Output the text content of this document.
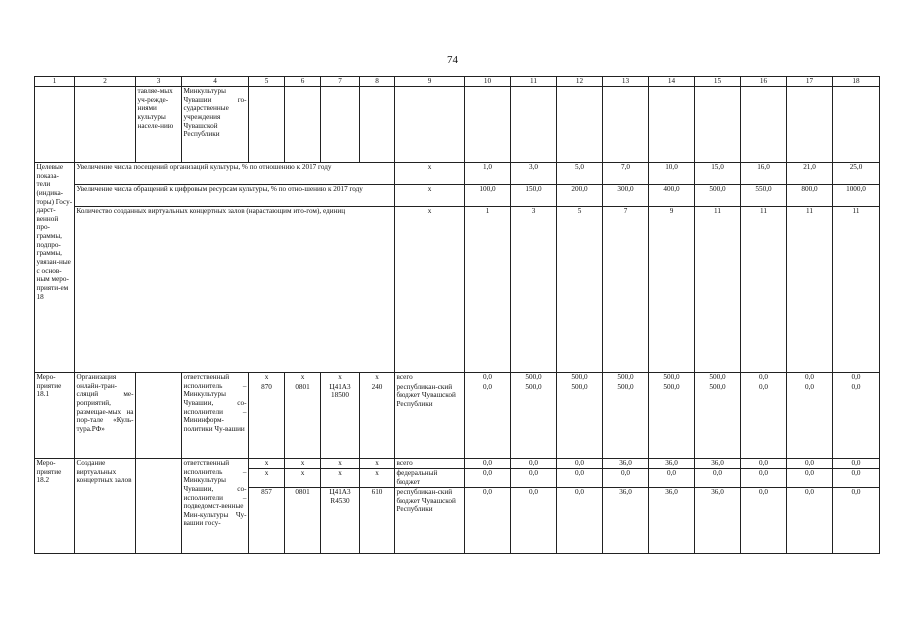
74
1	2	3	4	5	6	7	8	9	10	11	12	13	14	15	16	17	18
		тавляе-мых уч-режде-ниями культуры населе-нию	Минкультуры Чувашии го-сударственные учреждения Чувашской Республики														
Целевые показа-тели (индика-торы) Госу-дарст-венной про-граммы, подпро-граммы, увязан-ные с основ-ным меро-прияти-ем 18	Увеличение числа посещений организаций культуры, % по отношению к 2017 году							x	1,0	3,0	5,0	7,0	10,0	15,0	16,0	21,0	25,0
	Увеличение числа обращений к цифровым ресурсам культуры, % по отно-шению к 2017 году							x	100,0	150,0	200,0	300,0	400,0	500,0	550,0	800,0	1000,0
	Количество созданных виртуальных концертных залов (нарастающим ито-гом), единиц							x	1	3	5	7	9	11	11	11	11
Меро-приятие 18.1	Организация онлайн-тран-сляций ме-роприятий, размещае-мых на пор-тале «Куль-тура.РФ»		ответственный исполнитель – Минкультуры Чувашии, со-исполнители – Мининформ-политики Чу-вашии	x	x	x	x	всего	0,0	500,0	500,0	500,0	500,0	500,0	0,0	0,0	0,0
				870	0801	Ц41А3 18500	240	республикан-ский бюджет Чувашской Республики	0,0	500,0	500,0	500,0	500,0	500,0	0,0	0,0	0,0
Меро-приятие 18.2	Создание виртуальных концертных залов		ответственный исполнитель – Минкультуры Чувашии, со-исполнители – подведомст-венные Мин-культуры Чу-вашии госу-	x	x	x	x	всего	0,0	0,0	0,0	36,0	36,0	36,0	0,0	0,0	0,0
				x	x	x	x	федеральный бюджет	0,0	0,0	0,0	0,0	0,0	0,0	0,0	0,0	0,0
				857	0801	Ц41А3 R4530	610	республикан-ский бюджет Чувашской Республики	0,0	0,0	0,0	36,0	36,0	36,0	0,0	0,0	0,0
